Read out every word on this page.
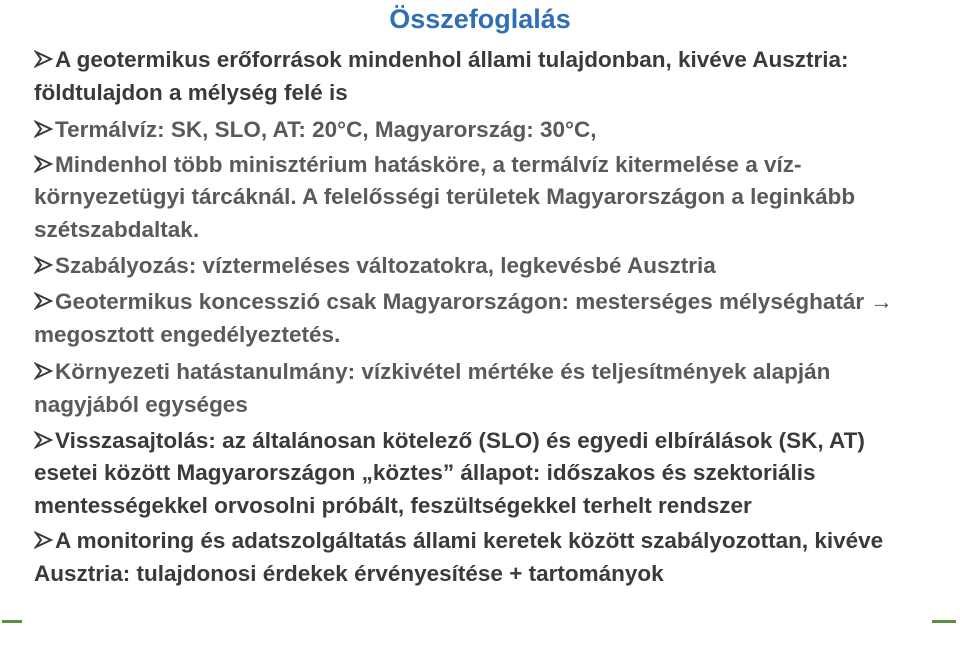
Összefoglalás

A geotermikus erőforrások mindenhol állami tulajdonban, kivéve Ausztria: földtulajdon a mélység felé is

Termálvíz: SK, SLO, AT: 20°C, Magyarország: 30°C,

Mindenhol több minisztérium hatásköre, a termálvíz kitermelése a víz-környezetügyi tárcáknál. A felelősségi területek Magyarországon a leginkább szétszabdaltak.

Szabályozás: víztermeléses változatokra, legkevésbé Ausztria

Geotermikus koncesszió csak Magyarországon: mesterséges mélységhatár → megosztott engedélyeztetés.

Környezeti hatástanulmány: vízkivétel mértéke és teljesítmények alapján nagyjából egységes

Visszasajtolás: az általánosan kötelező (SLO) és egyedi elbírálások (SK, AT) esetei között Magyarországon „köztes” állapot: időszakos és szektoriális mentességekkel orvosolni próbált, feszültségekkel terhelt rendszer

A monitoring és adatszolgáltatás állami keretek között szabályozottan, kivéve Ausztria: tulajdonosi érdekek érvényesítése + tartományok
